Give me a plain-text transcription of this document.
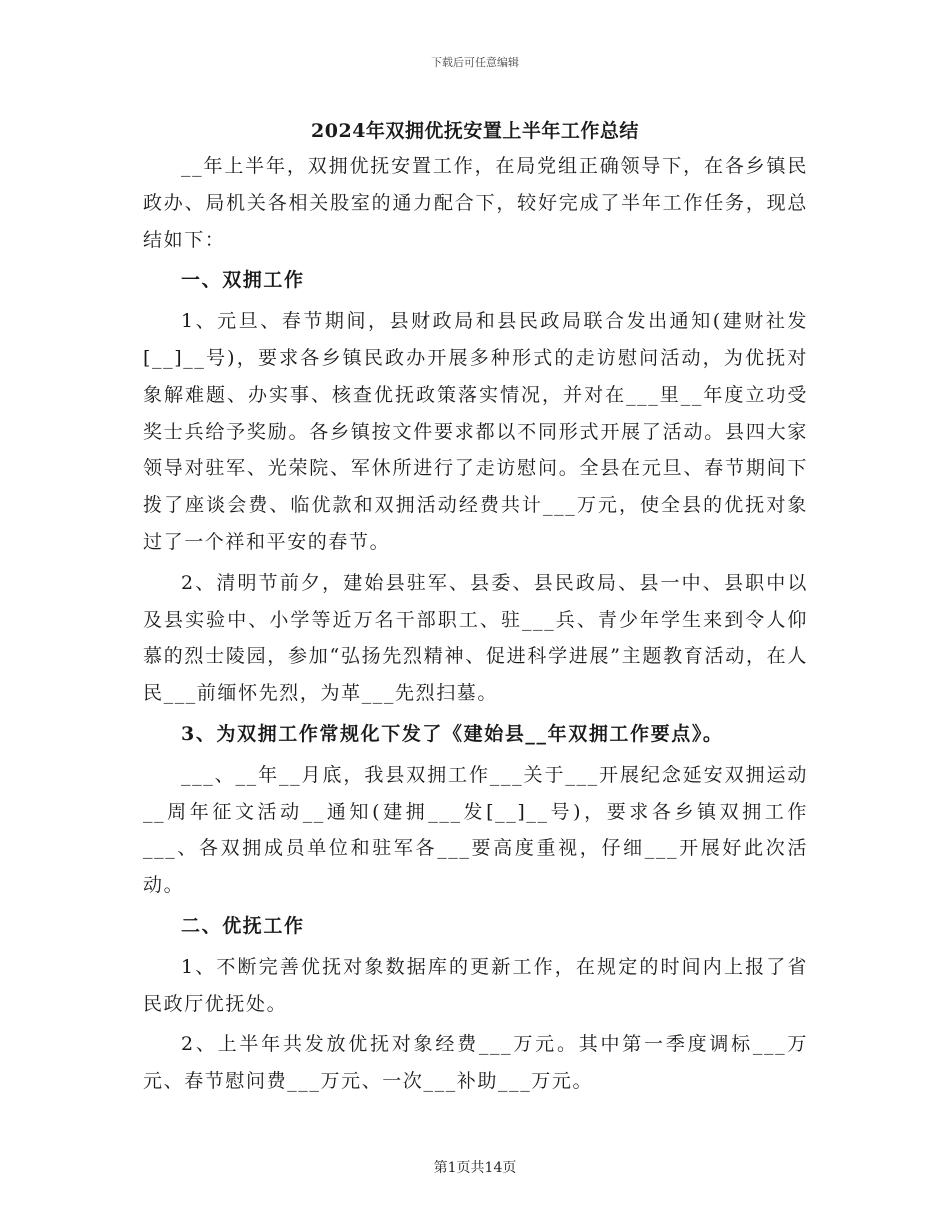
下载后可任意编辑
2024年双拥优抚安置上半年工作总结

__年上半年，双拥优抚安置工作，在局党组正确领导下，在各乡镇民政办、局机关各相关股室的通力配合下，较好完成了半年工作任务，现总结如下：

一、双拥工作

1、元旦、春节期间，县财政局和县民政局联合发出通知(建财社发[__]__号)，要求各乡镇民政办开展多种形式的走访慰问活动，为优抚对象解难题、办实事、核查优抚政策落实情况，并对在___里__年度立功受奖士兵给予奖励。各乡镇按文件要求都以不同形式开展了活动。县四大家领导对驻军、光荣院、军休所进行了走访慰问。全县在元旦、春节期间下拨了座谈会费、临优款和双拥活动经费共计___万元，使全县的优抚对象过了一个祥和平安的春节。

2、清明节前夕，建始县驻军、县委、县民政局、县一中、县职中以及县实验中、小学等近万名干部职工、驻___兵、青少年学生来到令人仰慕的烈士陵园，参加“弘扬先烈精神、促进科学进展”主题教育活动，在人民___前缅怀先烈，为革___先烈扫墓。

3、为双拥工作常规化下发了《建始县__年双拥工作要点》。

___、__年__月底，我县双拥工作___关于___开展纪念延安双拥运动__周年征文活动__通知(建拥___发[__]__号)，要求各乡镇双拥工作___、各双拥成员单位和驻军各___要高度重视，仔细___开展好此次活动。

二、优抚工作

1、不断完善优抚对象数据库的更新工作，在规定的时间内上报了省民政厅优抚处。

2、上半年共发放优抚对象经费___万元。其中第一季度调标___万元、春节慰问费___万元、一次___补助___万元。

第1页共14页
